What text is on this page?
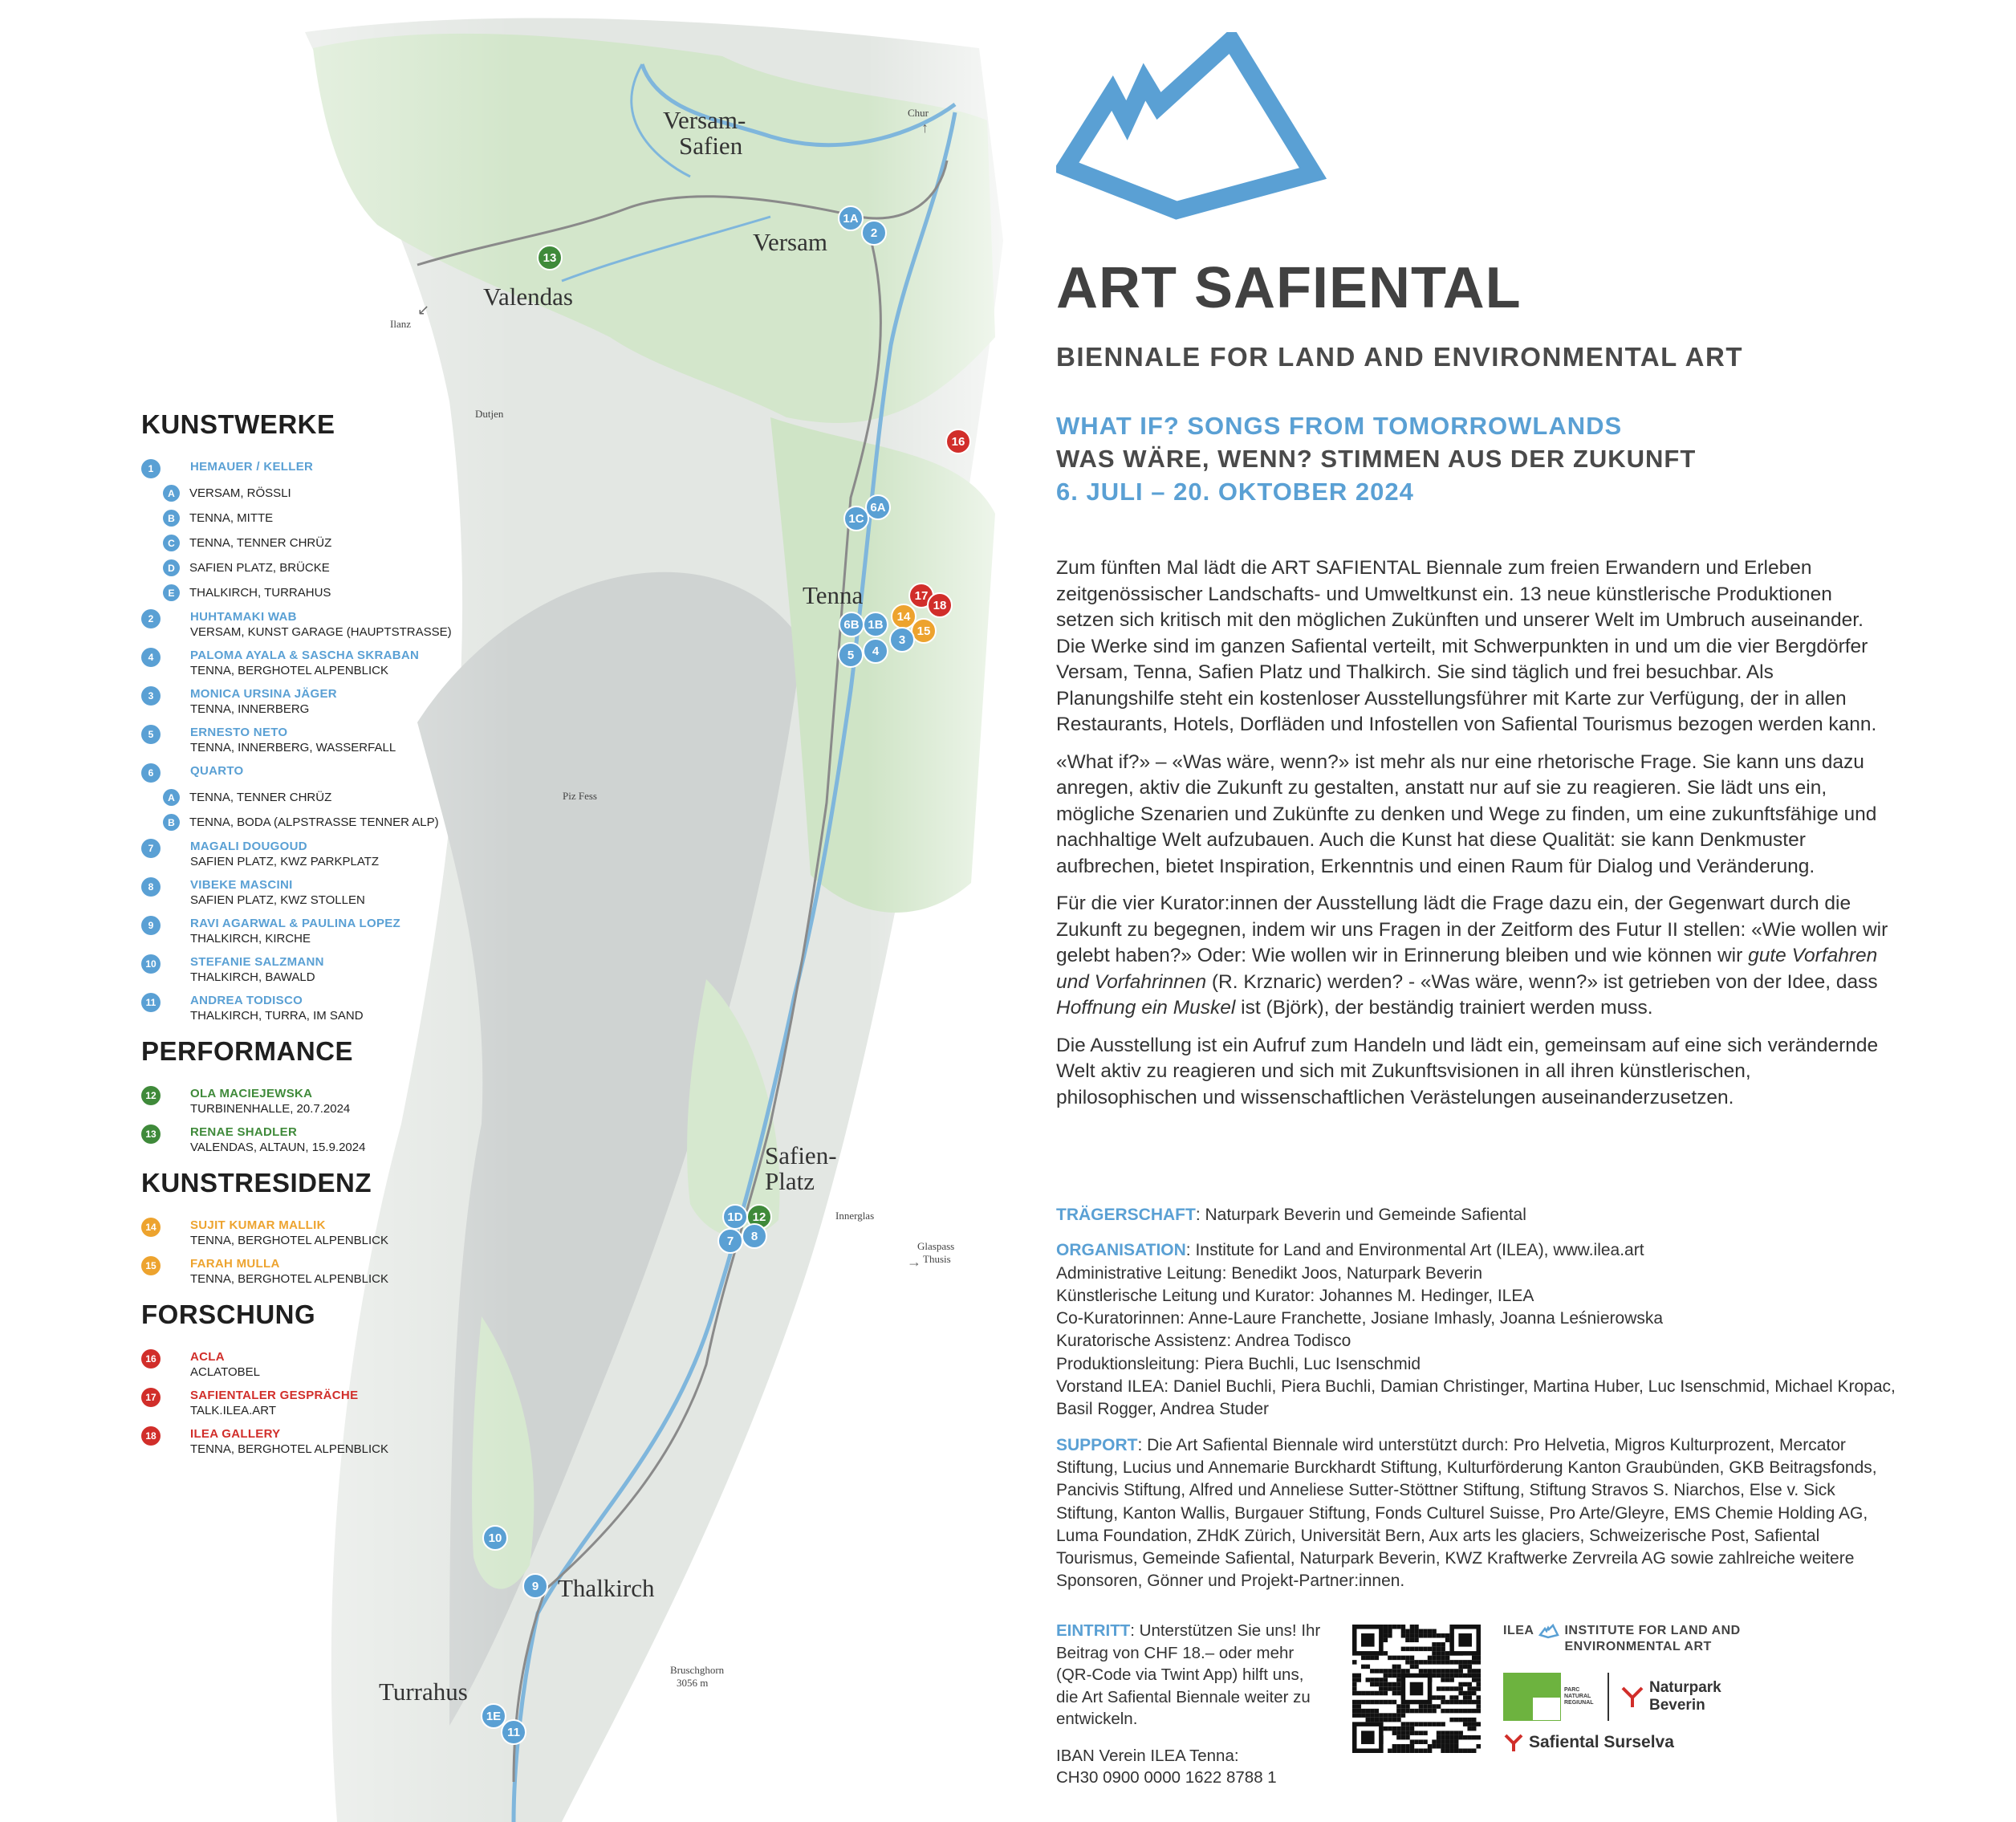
Versam-
Safien
Versam
Valendas
Tenna
Safien-
Platz
Thalkirch
Turrahus
Chur
Ilanz
Thusis
Glaspass
Piz Fess
Bruschghorn
3056 m
Dutjen
Innerglas
→
↙
↑
1A
2
13
16
1C
6A
17
18
6B 1B
14
15
3
4
5
1D 12
7 8
10
9
1E
11
KUNSTWERKE
1	HEMAUER / KELLER
A	VERSAM, RÖSSLI
B	TENNA, MITTE
C	TENNA, TENNER CHRÜZ
D	SAFIEN PLATZ, BRÜCKE
E	THALKIRCH, TURRAHUS
2	HUHTAMAKI WAB
VERSAM, KUNST GARAGE (HAUPTSTRASSE)
4	PALOMA AYALA & SASCHA SKRABAN
TENNA, BERGHOTEL ALPENBLICK
3	MONICA URSINA JÄGER
TENNA, INNERBERG
5	ERNESTO NETO
TENNA, INNERBERG, WASSERFALL
6	QUARTO
A	TENNA, TENNER CHRÜZ
B	TENNA, BODA (ALPSTRASSE TENNER ALP)
7	MAGALI DOUGOUD
SAFIEN PLATZ, KWZ PARKPLATZ
8	VIBEKE MASCINI
SAFIEN PLATZ, KWZ STOLLEN
9	RAVI AGARWAL & PAULINA LOPEZ
THALKIRCH, KIRCHE
10	STEFANIE SALZMANN
THALKIRCH, BAWALD
11	ANDREA TODISCO
THALKIRCH, TURRA, IM SAND
PERFORMANCE
12	OLA MACIEJEWSKA
TURBINENHALLE, 20.7.2024
13	RENAE SHADLER
VALENDAS, ALTAUN, 15.9.2024
KUNSTRESIDENZ
14	SUJIT KUMAR MALLIK
TENNA, BERGHOTEL ALPENBLICK
15	FARAH MULLA
TENNA, BERGHOTEL ALPENBLICK
FORSCHUNG
16	ACLA
ACLATOBEL
17	SAFIENTALER GESPRÄCHE
TALK.ILEA.ART
18	ILEA GALLERY
TENNA, BERGHOTEL ALPENBLICK
ART SAFIENTAL
BIENNALE FOR LAND AND ENVIRONMENTAL ART
WHAT IF? SONGS FROM TOMORROWLANDS
WAS WÄRE, WENN? STIMMEN AUS DER ZUKUNFT
6. JULI – 20. OKTOBER 2024

Zum fünften Mal lädt die ART SAFIENTAL Biennale zum freien Erwandern und Erleben zeitgenössischer Landschafts- und Umweltkunst ein. 13 neue künstlerische Produktionen setzen sich kritisch mit den möglichen Zukünften und unserer Welt im Umbruch auseinander. Die Werke sind im ganzen Safiental verteilt, mit Schwerpunkten in und um die vier Bergdörfer Versam, Tenna, Safien Platz und Thalkirch. Sie sind täglich und frei besuchbar. Als Planungshilfe steht ein kostenloser Ausstellungsführer mit Karte zur Verfügung, der in allen Restaurants, Hotels, Dorfläden und Infostellen von Safiental Tourismus bezogen werden kann.

«What if?» – «Was wäre, wenn?» ist mehr als nur eine rhetorische Frage. Sie kann uns dazu anregen, aktiv die Zukunft zu gestalten, anstatt nur auf sie zu reagieren. Sie lädt uns ein, mögliche Szenarien und Zukünfte zu denken und Wege zu finden, um eine zukunftsfähige und nachhaltige Welt aufzubauen. Auch die Kunst hat diese Qualität: sie kann Denkmuster aufbrechen, bietet Inspiration, Erkenntnis und einen Raum für Dialog und Veränderung.

Für die vier Kurator:innen der Ausstellung lädt die Frage dazu ein, der Gegenwart durch die Zukunft zu begegnen, indem wir uns Fragen in der Zeitform des Futur II stellen: «Wie wollen wir gelebt haben?» Oder: Wie wollen wir in Erinnerung bleiben und wie können wir gute Vorfahren und Vorfahrinnen (R. Krznaric) werden? - «Was wäre, wenn?» ist getrieben von der Idee, dass Hoffnung ein Muskel ist (Björk), der beständig trainiert werden muss.

Die Ausstellung ist ein Aufruf zum Handeln und lädt ein, gemeinsam auf eine sich verändernde Welt aktiv zu reagieren und sich mit Zukunftsvisionen in all ihren künstlerischen, philosophischen und wissenschaftlichen Verästelungen auseinanderzusetzen.

TRÄGERSCHAFT: Naturpark Beverin und Gemeinde Safiental

ORGANISATION: Institute for Land and Environmental Art (ILEA), www.ilea.art
Administrative Leitung: Benedikt Joos, Naturpark Beverin
Künstlerische Leitung und Kurator: Johannes M. Hedinger, ILEA
Co-Kuratorinnen: Anne-Laure Franchette, Josiane Imhasly, Joanna Leśnierowska
Kuratorische Assistenz: Andrea Todisco
Produktionsleitung: Piera Buchli, Luc Isenschmid
Vorstand ILEA: Daniel Buchli, Piera Buchli, Damian Christinger, Martina Huber, Luc Isenschmid, Michael Kropac, Basil Rogger, Andrea Studer

SUPPORT: Die Art Safiental Biennale wird unterstützt durch: Pro Helvetia, Migros Kulturprozent, Mercator Stiftung, Lucius und Annemarie Burckhardt Stiftung, Kulturförderung Kanton Graubünden, GKB Beitragsfonds, Pancivis Stiftung, Alfred und Anneliese Sutter-Stöttner Stiftung, Stiftung Stravos S. Niarchos, Else v. Sick Stiftung, Kanton Wallis, Burgauer Stiftung, Fonds Culturel Suisse, Pro Arte/Gleyre, EMS Chemie Holding AG, Luma Foundation, ZHdK Zürich, Universität Bern, Aux arts les glaciers, Schweizerische Post, Safiental Tourismus, Gemeinde Safiental, Naturpark Beverin, KWZ Kraftwerke Zervreila AG sowie zahlreiche weitere Sponsoren, Gönner und Projekt-Partner:innen.

EINTRITT: Unterstützen Sie uns! Ihr Beitrag von CHF 18.– oder mehr (QR-Code via Twint App) hilft uns, die Art Safiental Biennale weiter zu entwickeln.
IBAN Verein ILEA Tenna:
CH30 0900 0000 1622 8788 1
ILEA INSTITUTE FOR LAND AND
ENVIRONMENTAL ART
PARC NATURAL REGIUNAL
Naturpark
Beverin
Safiental Surselva
